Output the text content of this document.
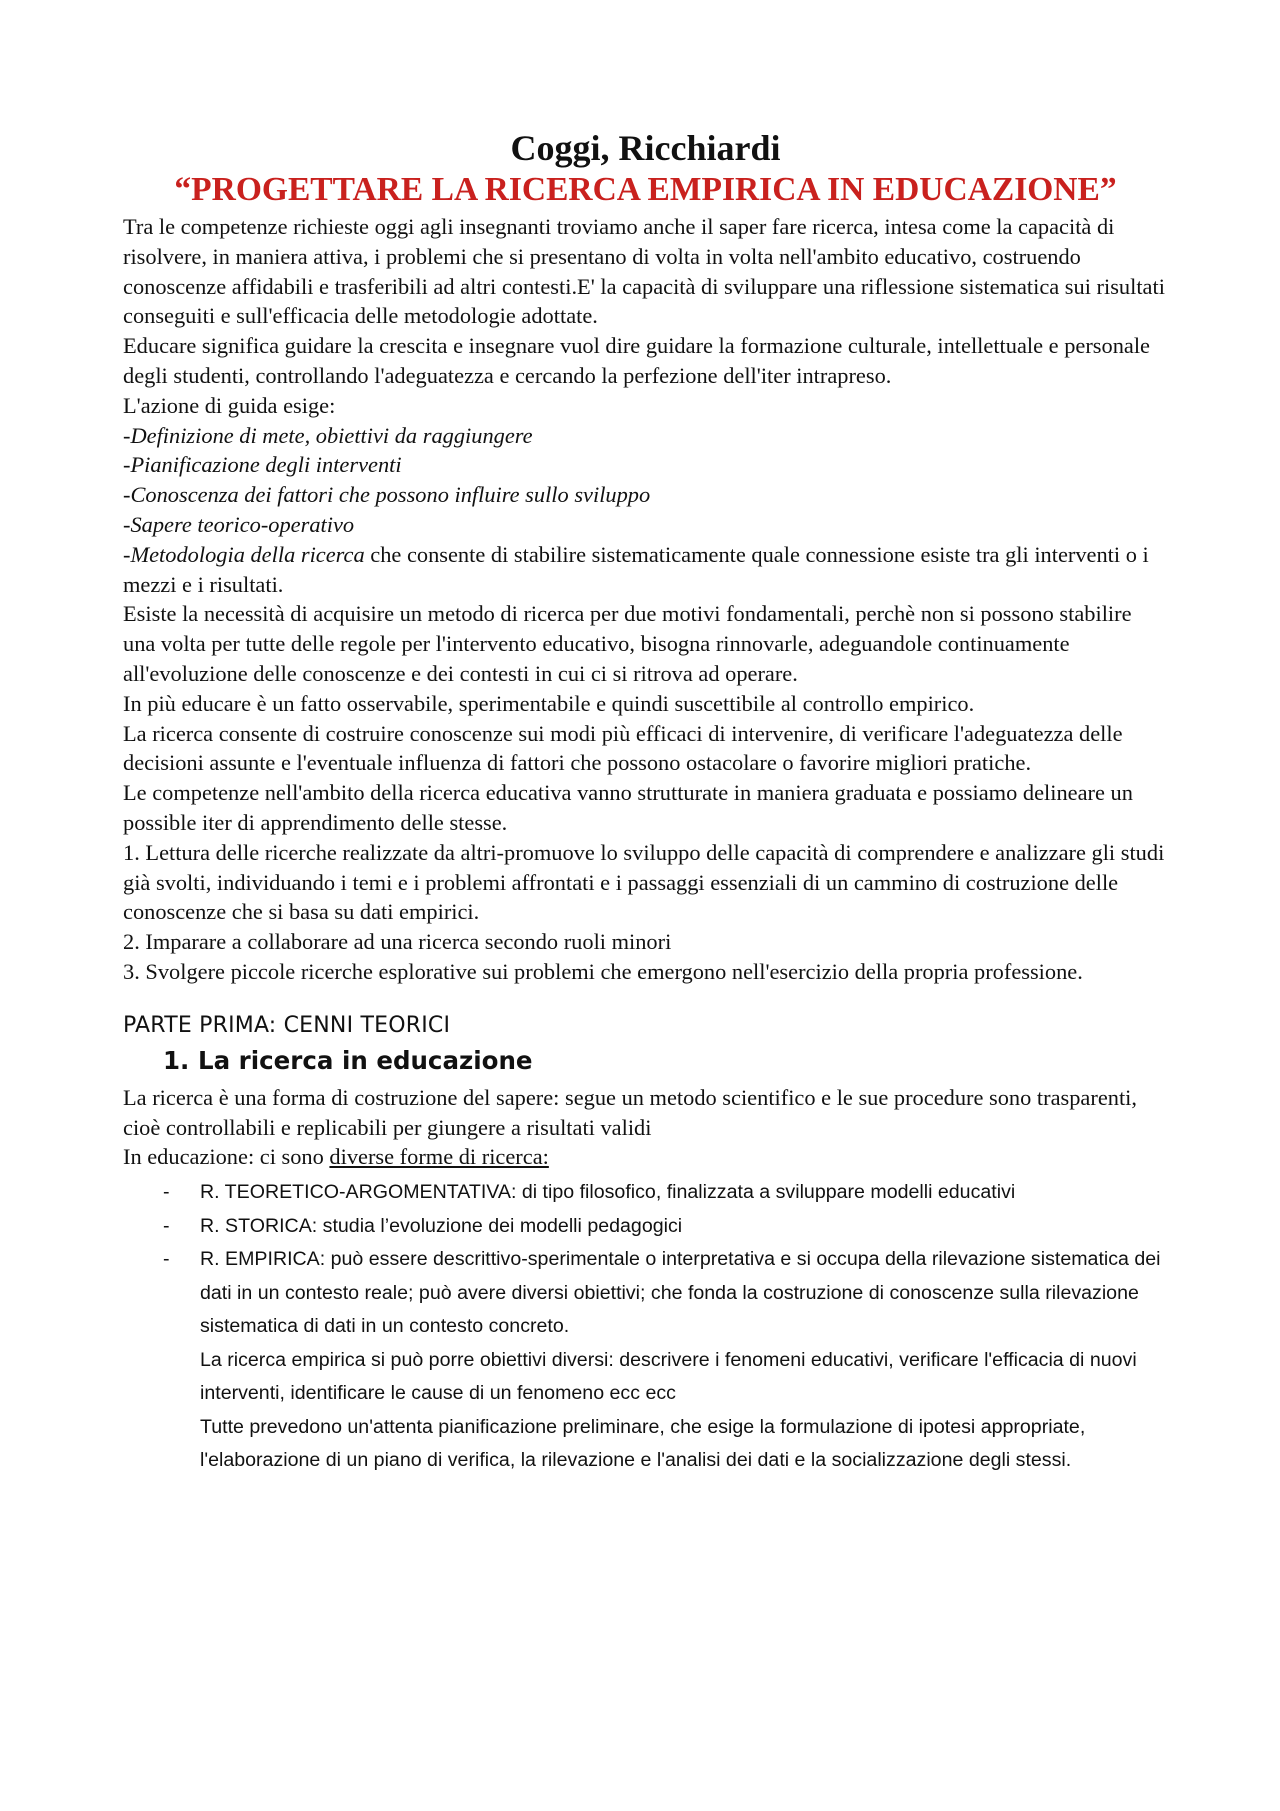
Coggi, Ricchiardi
“PROGETTARE LA RICERCA EMPIRICA IN EDUCAZIONE”

Tra le competenze richieste oggi agli insegnanti troviamo anche il saper fare ricerca, intesa come la capacità di risolvere, in maniera attiva, i problemi che si presentano di volta in volta nell'ambito educativo, costruendo conoscenze affidabili e trasferibili ad altri contesti.E' la capacità di sviluppare una riflessione sistematica sui risultati conseguiti e sull'efficacia delle metodologie adottate.

Educare significa guidare la crescita e insegnare vuol dire guidare la formazione culturale, intellettuale e personale degli studenti, controllando l'adeguatezza e cercando la perfezione dell'iter intrapreso.

L'azione di guida esige:

-Definizione di mete, obiettivi da raggiungere

-Pianificazione degli interventi

-Conoscenza dei fattori che possono influire sullo sviluppo

-Sapere teorico-operativo

-Metodologia della ricerca che consente di stabilire sistematicamente quale connessione esiste tra gli interventi o i mezzi e i risultati.

Esiste la necessità di acquisire un metodo di ricerca per due motivi fondamentali, perchè non si possono stabilire una volta per tutte delle regole per l'intervento educativo, bisogna rinnovarle, adeguandole continuamente all'evoluzione delle conoscenze e dei contesti in cui ci si ritrova ad operare.

In più educare è un fatto osservabile, sperimentabile e quindi suscettibile al controllo empirico.

La ricerca consente di costruire conoscenze sui modi più efficaci di intervenire, di verificare l'adeguatezza delle decisioni assunte e l'eventuale influenza di fattori che possono ostacolare o favorire migliori pratiche.

Le competenze nell'ambito della ricerca educativa vanno strutturate in maniera graduata e possiamo delineare un possible iter di apprendimento delle stesse.

1. Lettura delle ricerche realizzate da altri-promuove lo sviluppo delle capacità di comprendere e analizzare gli studi già svolti, individuando i temi e i problemi affrontati e i passaggi essenziali di un cammino di costruzione delle conoscenze che si basa su dati empirici.

2. Imparare a collaborare ad una ricerca secondo ruoli minori

3. Svolgere piccole ricerche esplorative sui problemi che emergono nell'esercizio della propria professione.

PARTE PRIMA: CENNI TEORICI
1. La ricerca in educazione

La ricerca è una forma di costruzione del sapere: segue un metodo scientifico e le sue procedure sono trasparenti, cioè controllabili e replicabili per giungere a risultati validi

In educazione: ci sono diverse forme di ricerca:

- R. TEORETICO-ARGOMENTATIVA: di tipo filosofico, finalizzata a sviluppare modelli educativi

- R. STORICA: studia l’evoluzione dei modelli pedagogici

- R. EMPIRICA: può essere descrittivo-sperimentale o interpretativa e si occupa della rilevazione sistematica dei dati in un contesto reale; può avere diversi obiettivi; che fonda la costruzione di conoscenze sulla rilevazione sistematica di dati in un contesto concreto.

La ricerca empirica si può porre obiettivi diversi: descrivere i fenomeni educativi, verificare l'efficacia di nuovi interventi, identificare le cause di un fenomeno ecc ecc

Tutte prevedono un'attenta pianificazione preliminare, che esige la formulazione di ipotesi appropriate, l'elaborazione di un piano di verifica, la rilevazione e l'analisi dei dati e la socializzazione degli stessi.
